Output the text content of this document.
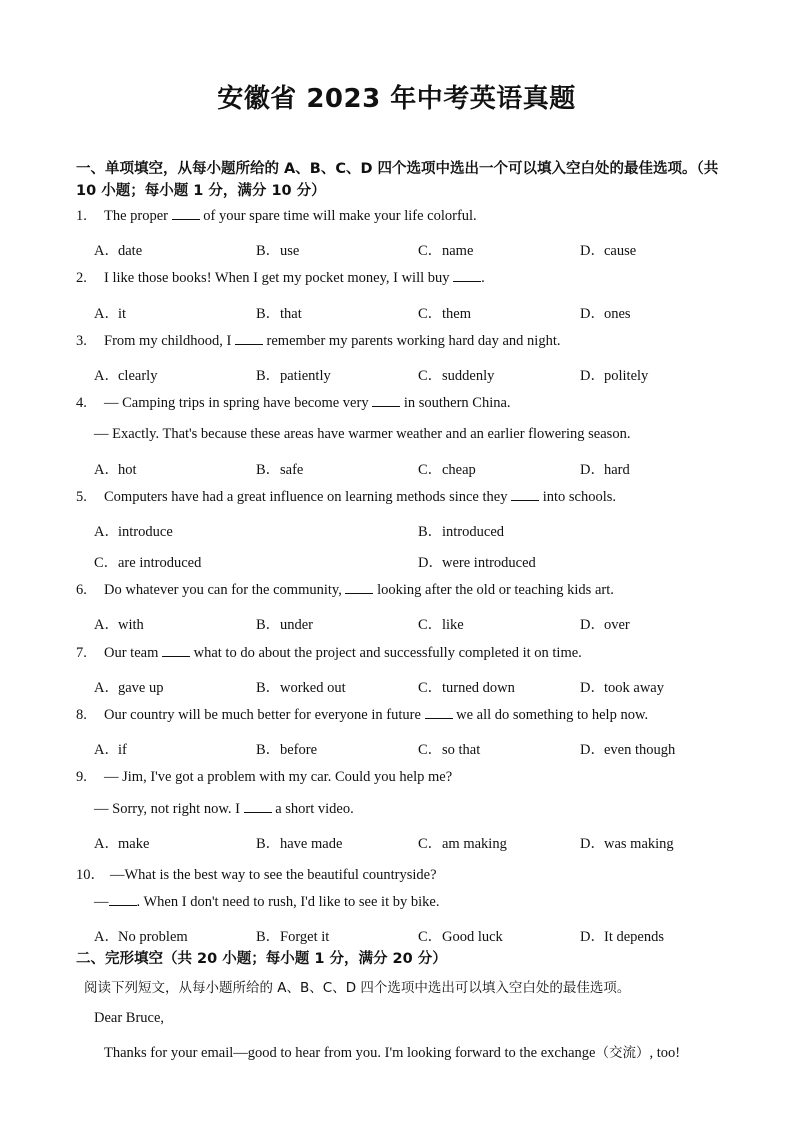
安徽省 2023 年中考英语真题
一、单项填空，从每小题所给的 A、B、C、D 四个选项中选出一个可以填入空白处的最佳选项。（共
10 小题；每小题 1 分，满分 10 分）
1. The proper of your spare time will make your life colorful.
A．date	B．use	C．name	D．cause
2. I like those books! When I get my pocket money, I will buy .
A．it	B．that	C．them	D．ones
3. From my childhood, I remember my parents working hard day and night.
A．clearly	B．patiently	C．suddenly	D．politely
4. — Camping trips in spring have become very in southern China.
— Exactly. That's because these areas have warmer weather and an earlier flowering season.
A．hot	B．safe	C．cheap	D．hard
5. Computers have had a great influence on learning methods since they into schools.
A．introduce	B．introduced
C．are introduced	D．were introduced
6. Do whatever you can for the community, looking after the old or teaching kids art.
A．with	B．under	C．like	D．over
7. Our team what to do about the project and successfully completed it on time.
A．gave up	B．worked out	C．turned down	D．took away
8. Our country will be much better for everyone in future we all do something to help now.
A．if	B．before	C．so that	D．even though
9. — Jim, I've got a problem with my car. Could you help me?
— Sorry, not right now. I a short video.
A．make	B．have made	C．am making	D．was making
10． —What is the best way to see the beautiful countryside?
— . When I don't need to rush, I'd like to see it by bike.
A．No problem	B．Forget it	C．Good luck	D．It depends
二、完形填空（共 20 小题；每小题 1 分，满分 20 分）
阅读下列短文，从每小题所给的 A、B、C、D 四个选项中选出可以填入空白处的最佳选项。
Dear Bruce,
Thanks for your email—good to hear from you. I'm looking forward to the exchange（交流）, too!
